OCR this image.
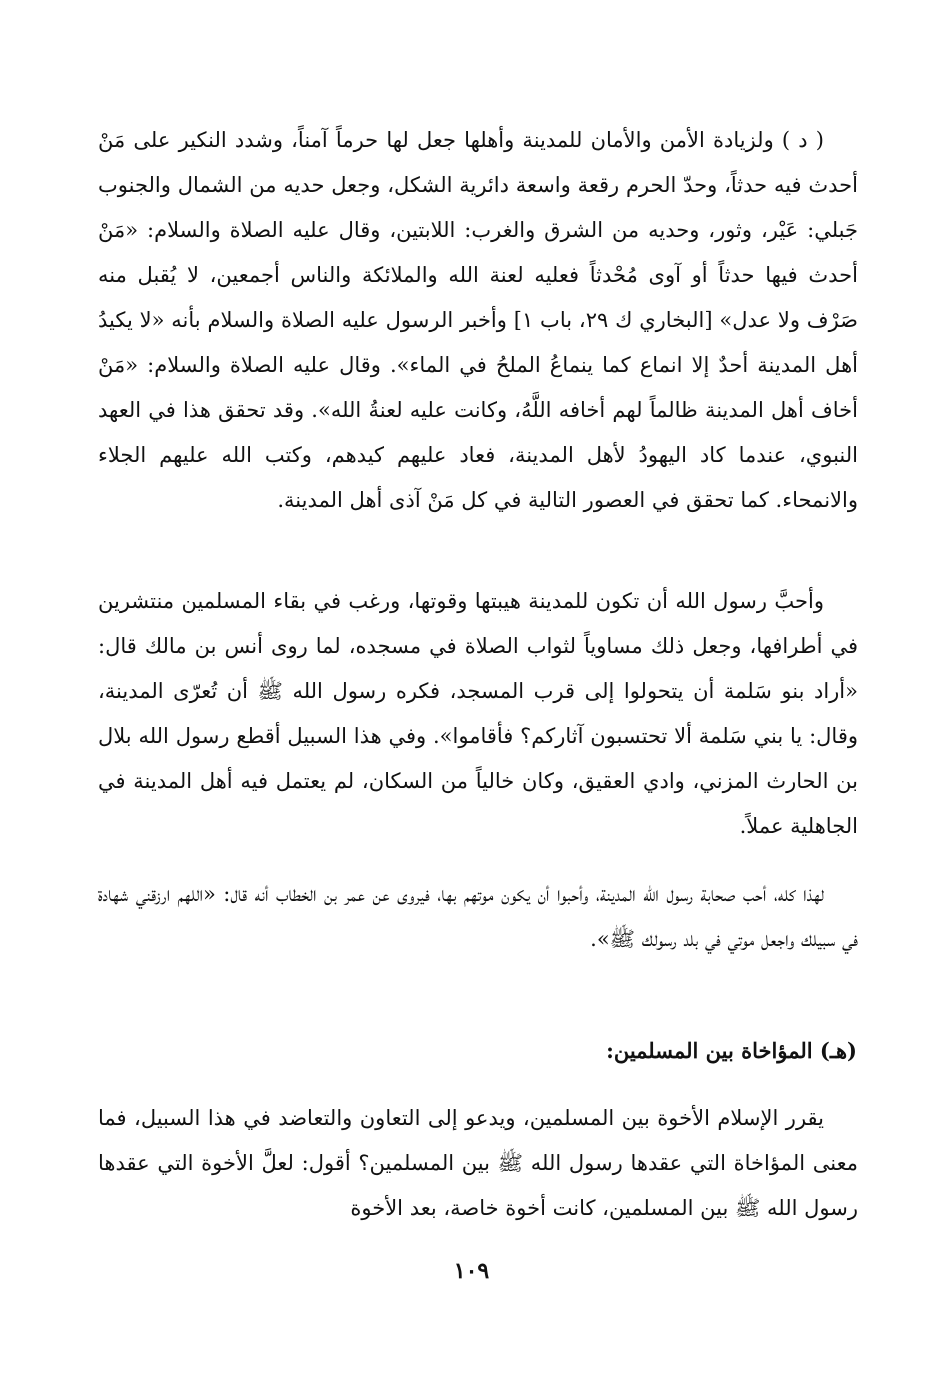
( د ) ولزيادة الأمن والأمان للمدينة وأهلها جعل لها حرماً آمناً، وشدد النكير على مَنْ أحدث فيه حدثاً، وحدّ الحرم رقعة واسعة دائرية الشكل، وجعل حديه من الشمال والجنوب جَبلي: عَيْر، وثور، وحديه من الشرق والغرب: اللابتين، وقال عليه الصلاة والسلام: «مَنْ أحدث فيها حدثاً أو آوى مُحْدثاً فعليه لعنة الله والملائكة والناس أجمعين، لا يُقبل منه صَرْف ولا عدل» [البخاري ك ٢٩، باب ١] وأخبر الرسول عليه الصلاة والسلام بأنه «لا يكيدُ أهل المدينة أحدٌ إلا انماع كما ينماعُ الملحُ في الماء». وقال عليه الصلاة والسلام: «مَنْ أخاف أهل المدينة ظالماً لهم أخافه اللَّهُ، وكانت عليه لعنةُ الله». وقد تحقق هذا في العهد النبوي، عندما كاد اليهودُ لأهل المدينة، فعاد عليهم كيدهم، وكتب الله عليهم الجلاء والانمحاء. كما تحقق في العصور التالية في كل مَنْ آذى أهل المدينة.
وأحبَّ رسول الله أن تكون للمدينة هيبتها وقوتها، ورغب في بقاء المسلمين منتشرين في أطرافها، وجعل ذلك مساوياً لثواب الصلاة في مسجده، لما روى أنس بن مالك قال: «أراد بنو سَلمة أن يتحولوا إلى قرب المسجد، فكره رسول الله ﷺ أن تُعرّى المدينة، وقال: يا بني سَلمة ألا تحتسبون آثاركم؟ فأقاموا». وفي هذا السبيل أقطع رسول الله بلال بن الحارث المزني، وادي العقيق، وكان خالياً من السكان، لم يعتمل فيه أهل المدينة في الجاهلية عملاً.
لهذا كله، أحب صحابة رسول الله المدينة، وأحبوا أن يكون موتهم بها، فيروى عن عمر بن الخطاب أنه قال: «اللهم ارزقني شهادة في سبيلك واجعل موتي في بلد رسولك ﷺ».
(هـ) المؤاخاة بين المسلمين:
يقرر الإسلام الأخوة بين المسلمين، ويدعو إلى التعاون والتعاضد في هذا السبيل، فما معنى المؤاخاة التي عقدها رسول الله ﷺ بين المسلمين؟ أقول: لعلَّ الأخوة التي عقدها رسول الله ﷺ بين المسلمين، كانت أخوة خاصة، بعد الأخوة
١٠٩
